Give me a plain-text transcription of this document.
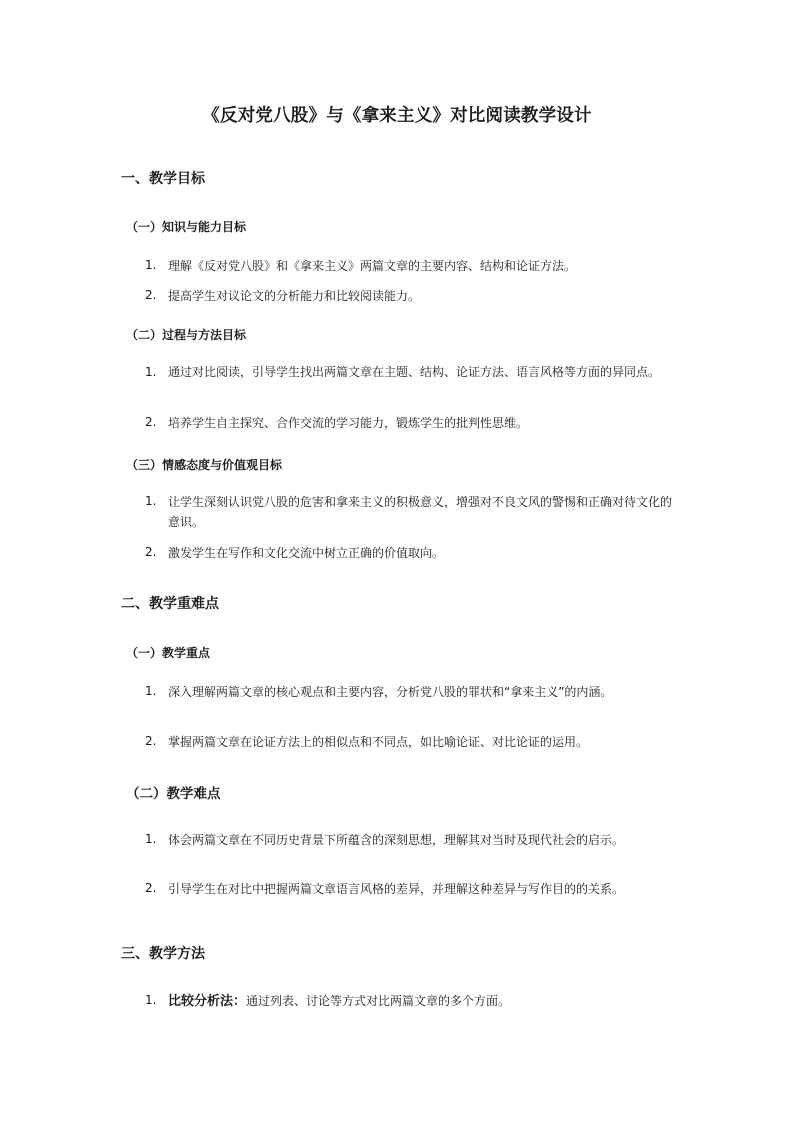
《反对党八股》与《拿来主义》对比阅读教学设计
一、教学目标
（一）知识与能力目标
1. 理解《反对党八股》和《拿来主义》两篇文章的主要内容、结构和论证方法。
2. 提高学生对议论文的分析能力和比较阅读能力。
（二）过程与方法目标
1. 通过对比阅读，引导学生找出两篇文章在主题、结构、论证方法、语言风格等方面的异同点。
2. 培养学生自主探究、合作交流的学习能力，锻炼学生的批判性思维。
（三）情感态度与价值观目标
1. 让学生深刻认识党八股的危害和拿来主义的积极意义，增强对不良文风的警惕和正确对待文化的意识。
2. 激发学生在写作和文化交流中树立正确的价值取向。
二、教学重难点
（一）教学重点
1. 深入理解两篇文章的核心观点和主要内容，分析党八股的罪状和“拿来主义”的内涵。
2. 掌握两篇文章在论证方法上的相似点和不同点，如比喻论证、对比论证的运用。
（二）教学难点
1. 体会两篇文章在不同历史背景下所蕴含的深刻思想，理解其对当时及现代社会的启示。
2. 引导学生在对比中把握两篇文章语言风格的差异，并理解这种差异与写作目的的关系。
三、教学方法
1. 比较分析法：通过列表、讨论等方式对比两篇文章的多个方面。
